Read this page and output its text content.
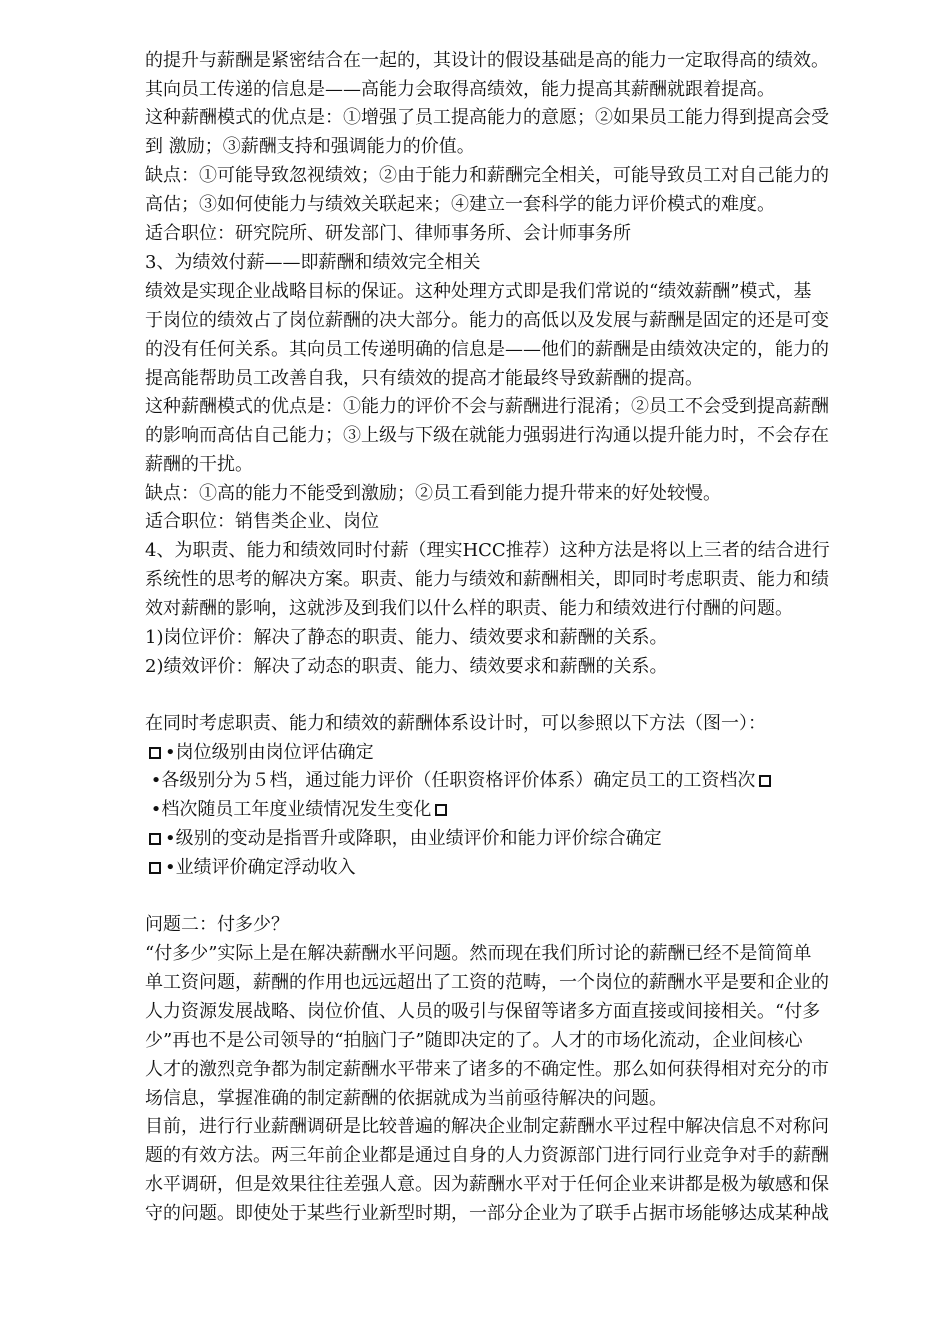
的提升与薪酬是紧密结合在一起的，其设计的假设基础是高的能力一定取得高的绩效。
其向员工传递的信息是——高能力会取得高绩效，能力提高其薪酬就跟着提高。
这种薪酬模式的优点是：①增强了员工提高能力的意愿；②如果员工能力得到提高会受
到 激励；③薪酬支持和强调能力的价值。
缺点：①可能导致忽视绩效；②由于能力和薪酬完全相关，可能导致员工对自己能力的
高估；③如何使能力与绩效关联起来；④建立一套科学的能力评价模式的难度。
适合职位：研究院所、研发部门、律师事务所、会计师事务所
3、为绩效付薪——即薪酬和绩效完全相关
绩效是实现企业战略目标的保证。这种处理方式即是我们常说的“绩效薪酬”模式，基
于岗位的绩效占了岗位薪酬的决大部分。能力的高低以及发展与薪酬是固定的还是可变
的没有任何关系。其向员工传递明确的信息是——他们的薪酬是由绩效决定的，能力的
提高能帮助员工改善自我，只有绩效的提高才能最终导致薪酬的提高。
这种薪酬模式的优点是：①能力的评价不会与薪酬进行混淆；②员工不会受到提高薪酬
的影响而高估自己能力；③上级与下级在就能力强弱进行沟通以提升能力时，不会存在
薪酬的干扰。
缺点：①高的能力不能受到激励；②员工看到能力提升带来的好处较慢。
适合职位：销售类企业、岗位
4、为职责、能力和绩效同时付薪（理实HCC推荐）这种方法是将以上三者的结合进行
系统性的思考的解决方案。职责、能力与绩效和薪酬相关，即同时考虑职责、能力和绩
效对薪酬的影响，这就涉及到我们以什么样的职责、能力和绩效进行付酬的问题。
1)岗位评价：解决了静态的职责、能力、绩效要求和薪酬的关系。
2)绩效评价：解决了动态的职责、能力、绩效要求和薪酬的关系。
在同时考虑职责、能力和绩效的薪酬体系设计时，可以参照以下方法（图一）：
•岗位级别由岗位评估确定
•各级别分为５档，通过能力评价（任职资格评价体系）确定员工的工资档次
•档次随员工年度业绩情况发生变化
•级别的变动是指晋升或降职，由业绩评价和能力评价综合确定
•业绩评价确定浮动收入
问题二：付多少？
“付多少”实际上是在解决薪酬水平问题。然而现在我们所讨论的薪酬已经不是简简单
单工资问题，薪酬的作用也远远超出了工资的范畴，一个岗位的薪酬水平是要和企业的
人力资源发展战略、岗位价值、人员的吸引与保留等诸多方面直接或间接相关。“付多
少”再也不是公司领导的“拍脑门子”随即决定的了。人才的市场化流动，企业间核心
人才的激烈竞争都为制定薪酬水平带来了诸多的不确定性。那么如何获得相对充分的市
场信息，掌握准确的制定薪酬的依据就成为当前亟待解决的问题。
目前，进行行业薪酬调研是比较普遍的解决企业制定薪酬水平过程中解决信息不对称问
题的有效方法。两三年前企业都是通过自身的人力资源部门进行同行业竞争对手的薪酬
水平调研，但是效果往往差强人意。因为薪酬水平对于任何企业来讲都是极为敏感和保
守的问题。即使处于某些行业新型时期，一部分企业为了联手占据市场能够达成某种战
